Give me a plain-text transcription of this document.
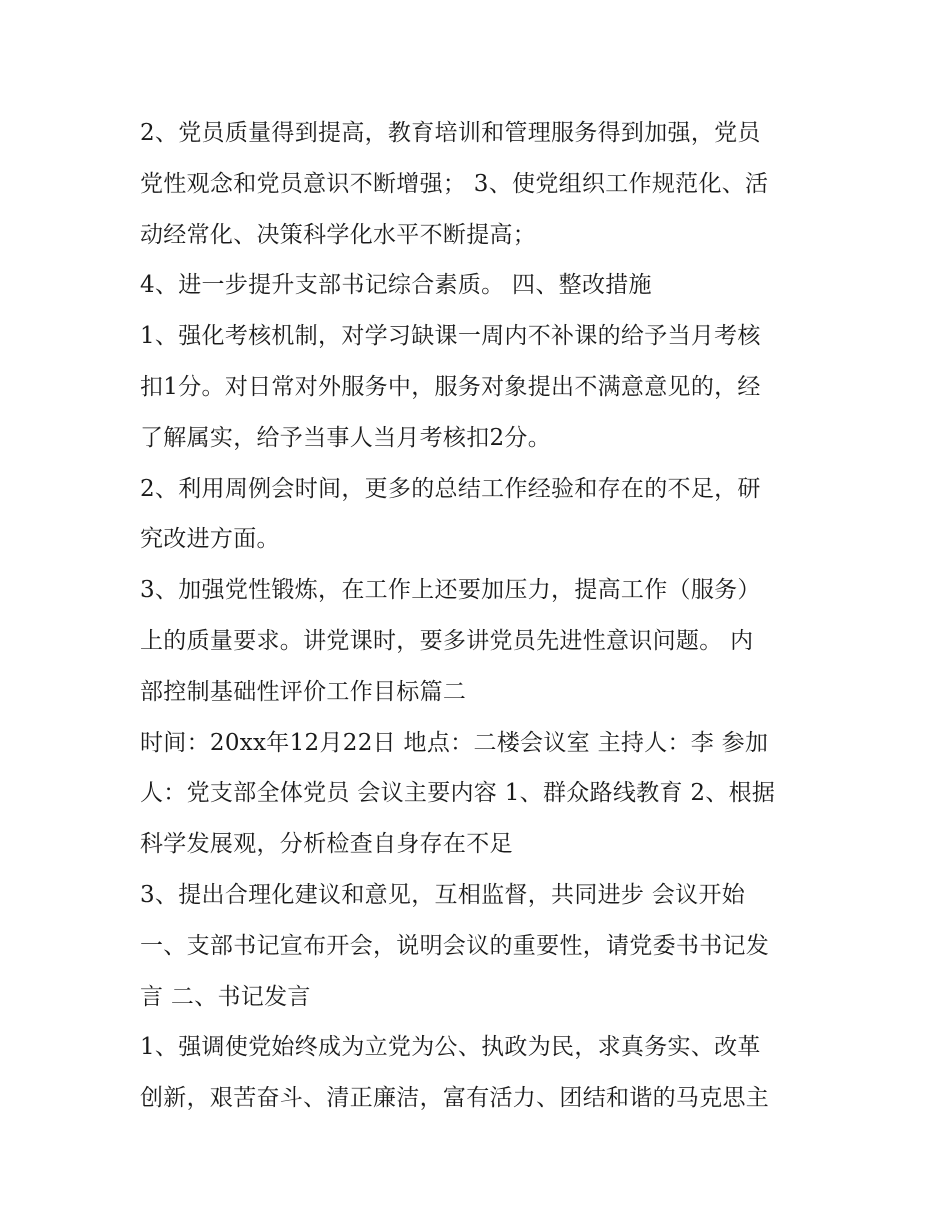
2、党员质量得到提高，教育培训和管理服务得到加强，党员
党性观念和党员意识不断增强； 3、使党组织工作规范化、活
动经常化、决策科学化水平不断提高；
4、进一步提升支部书记综合素质。 四、整改措施
1、强化考核机制，对学习缺课一周内不补课的给予当月考核
扣1分。对日常对外服务中，服务对象提出不满意意见的，经
了解属实，给予当事人当月考核扣2分。
2、利用周例会时间，更多的总结工作经验和存在的不足，研
究改进方面。
3、加强党性锻炼，在工作上还要加压力，提高工作（服务）
上的质量要求。讲党课时，要多讲党员先进性意识问题。 内
部控制基础性评价工作目标篇二
时间：20xx年12月22日 地点：二楼会议室 主持人：李 参加
人：党支部全体党员 会议主要内容 1、群众路线教育 2、根据
科学发展观，分析检查自身存在不足
3、提出合理化建议和意见，互相监督，共同进步 会议开始
一、支部书记宣布开会，说明会议的重要性，请党委书书记发
言 二、书记发言
1、强调使党始终成为立党为公、执政为民，求真务实、改革
创新，艰苦奋斗、清正廉洁，富有活力、团结和谐的马克思主
